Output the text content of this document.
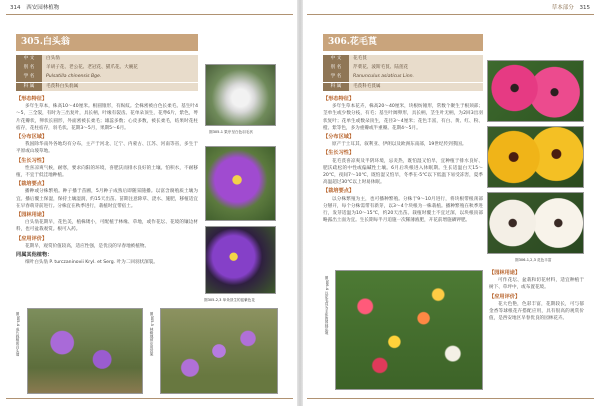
314 西安园林植物
305.白头翁
中 文	白头翁
别 名	羊胡子花、老公花、老冠花、猫爪花、大碗花
学 名	Pulsatilla chinensis Bge.
科 属	毛茛科白头翁属
【形态特征】
多年生草本，株高10～40厘米。根圆锥形，有纵纹。全株密被白色长柔毛。基生叶4～5，三全裂，有时为三出复叶，具长柄，叶缘有裂齿。花单朵顶生，花萼6片，紫色，萼片花瓣状，卵状长圆形，外面密被长柔毛；雄蕊多数；心皮多数，被长柔毛，结果时花柱宿存，花柱宿存，羽毛状。花期3～5月，果期5～6月。
【分布区域】
我国除华南外各地均有分布，主产于河北、辽宁、内蒙古、江苏、河南等省，多生于平原或山坡草地。
【生长习性】
性喜凉爽气候，耐寒，要求向阳的环境，喜肥沃而排水良好的土壤。怕积水，不耐移植，不宜于低洼地种植。
【栽培要点】
播种或分株繁殖。种子播于苗圃，5月种子成熟后即随采随播。以富含腐殖质土壤为宜。播后覆土保湿，保持土壤湿润，约15天出苗。苗期注意除草、浇水、施肥，移植适宜在早春萌芽前进行。分株宜在秋季进行，栽植时宜带宿土。
【园林用途】
白头翁花期早，花色美，植株矮小，可配植于林缘、草地，或作花坛、花境的镶边材料，也可盆栽观赏。根可入药。
【应用评价】
花期早，观赏价值较高，适应性强，是优良的早春地被植物。
同属其他植物：
细叶白头翁 P. turczaninovii Kryl. et Serg. 叶为二回羽状深裂。
图305-1 果序呈白色羽毛状
图305-2,3 单朵顶生的蓝紫色花
图305-4 成片栽植的白头翁	图305-5 林缘地被应用效果
草本部分 315
306.花毛茛
中 文	花毛茛
别 名	芹菜花、波斯毛茛、陆莲花
学 名	Ranunculus asiaticus Linn.
科 属	毛茛科毛茛属
【形态特征】
多年生草本花卉，株高20～40厘米，块根纺锤形，常数个聚生于根颈部；茎单生或少数分枝，有毛；基生叶阔卵形，具长柄，茎生叶无柄，为2回3出羽状复叶；花单生或数朵顶生，花径3～4厘米；花色丰富，有白、黄、红、粉、橙、紫等色，多为重瓣或半重瓣。花期4～5月。
【分布区域】
原产于土耳其、叙利亚、伊朗以及欧洲东南部，19世纪传到我国。
【生长习性】
花毛茛喜凉爽及半阴环境，忌炎热，既怕湿又怕旱，宜种植于排水良好、肥沃疏松的中性或偏碱性土壤。6月后块根进入休眠期。生长适温白天15～20℃，夜间7～10℃，既怕湿又怕旱，冬季在-5℃以下低温下易受冻害，夏季高温超过30℃以上时易休眠。
【栽培要点】
以分株繁殖为主，也可播种繁殖。分株于9～10月进行，将块根带根颈部分掰开，每个分株需带有新芽，以3～4个块根为一株栽植。播种繁殖在秋季进行，发芽适温为10～15℃，约20天出苗。栽植时覆土不宜过深，以块根顶部略露出土面为宜。生长期每半月追施一次稀薄液肥，开花前增施磷钾肥。
图306-1,2,3 花色丰富
图306-4 以花毛茛为主体的园林花境
【园林用途】
可作花坛、盆栽和切花材料，适宜种植于树下、草坪中，或布置花境。
【应用评价】
花大色艳，色彩丰富，花期较长，可与郁金香等球根花卉搭配应用，具有很高的观赏价值，是西安地区早春优良的园林花卉。
